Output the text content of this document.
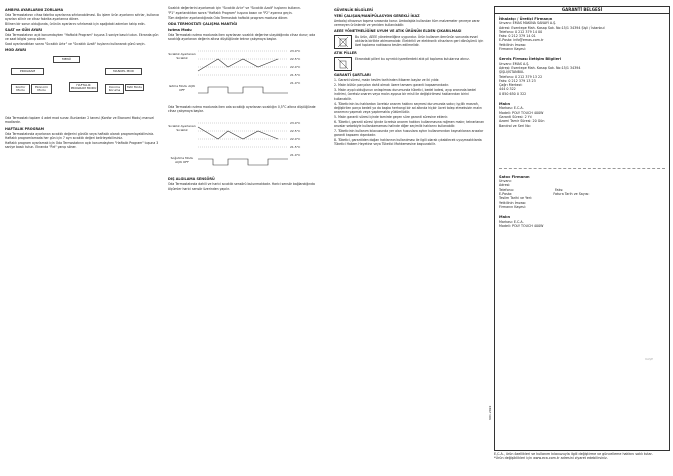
AMBIYA AYARLARINI ZORLAMA
Oda Termostatının cihaz fabrika ayarlarına sıfırlanabilmesi. Bu işlem ürün ayarlarını sıfırlar, kullanıcı ayarları silinir ve cihaz fabrika ayarlarına döner.
Bilinen bir sorun olduğunda, ürünün ayarlarını sıfırlamak için aşağıdaki adımları takip edin.
SAAT ve GÜN AYARI
Oda Termostatının açık konumdayken "Haftalık Program" tuşuna 3 saniye basılı tutun. Ekranda gün ve saat bilgisi yanıp söner.
Saat ayarlandıktan sonra "Sıcaklık Artır" ve "Sıcaklık Azalt" tuşlarını kullanarak günü seçin.
MOD AYARI
MENÜ
PROGRAM	MANUEL MOD
Konfor Modu
Ekonomi Modu
HAFTALIK PROGRAM MODU	Donma Koruma
Tatil Modu
Oda Termostatı toplam 4 adet mod sunar. Bunlardan 2 tanesi (Konfor ve Ekonomi Modu) manuel modlardır.
HAFTALIK PROGRAM
Oda Termostatında ayarlanan sıcaklık değerini günlük veya haftalık olarak programlayabilirsiniz. Haftalık programlamada her gün için 7 ayrı sıcaklık değeri belirleyebilirsiniz.
Haftalık program ayarlamak için Oda Termostatının açık konumdayken "Haftalık Program" tuşuna 3 saniye basılı tutun. Ekranda "Pzt" yanıp söner.
Sıcaklık değerlerini ayarlamak için "Sıcaklık Artır" ve "Sıcaklık Azalt" tuşlarını kullanın.
"P1" ayarlandıktan sonra "Haftalık Program" tuşuna basın ve "P2" ayarına geçin.
Tüm değerler ayarlandığında Oda Termostatı haftalık program moduna döner.
ODA TERMOSTATI ÇALIŞMA MANTIĞI
Isıtma Modu
Oda Termostatı ısıtma modunda iken ayarlanan sıcaklık değerine ulaşıldığında cihaz durur; oda sıcaklığı ayarlanan değerin altına düştüğünde tekrar çalışmaya başlar.
Sıcaklık Ayarlanan Sıcaklık
Isıtma Modu AÇIK OFF
23.0°C
22.5°C
22.0°C
21.5°C
21.0°C
Oda Termostatı ısıtma modunda iken oda sıcaklığı ayarlanan sıcaklığın 0,5°C altına düştüğünde cihaz çalışmaya başlar.
Sıcaklık Ayarlanan Sıcaklık
Soğutma Modu AÇIK OFF
23.0°C
22.5°C
22.0°C
21.5°C
21.0°C
DIŞ ALGILAMA SENSÖRÜ
Oda Termostatında dahili ve harici sıcaklık sensörü bulunmaktadır. Harici sensör bağlandığında ölçümler harici sensör üzerinden yapılır.
GÜVENLİK BİLGİLERİ
YERİ ÇALIŞAN/MANİPÜLASYON GEREKLİ İKAZ
Ambalaj cihazınızı taşıma sırasında korur. Ambalajda kullanılan tüm malzemeler çevreye zarar vermeyen ürünlerdir ve yeniden kullanılabilir.
AEEE YÖNETMELİĞİNE UYUM VE ATIK ÜRÜNÜN ELDEN ÇIKARILMASI
Bu ürün, AEEE yönetmeliğine uygundur. Ürün kullanım ömrünün sonunda evsel atıklarla birlikte atılmamalıdır. Elektrikli ve elektronik cihazların geri dönüşümü için özel toplama noktasına teslim edilmelidir.
ATIK PİLLER
Ekrandaki pilleri bu ayrıntılı işaretlerdeki atık pil toplama kutularına atınız.
GARANTİ ŞARTLARI
1- Garanti süresi, malın teslim tarihinden itibaren başlar ve iki yıldır.
2- Malın bütün parçaları dahil olmak üzere tamamı garanti kapsamındadır.
3- Malın ayıplı olduğunun anlaşılması durumunda tüketici, bedel iadesi, ayıp oranında bedel indirimi, ücretsiz onarım veya malın ayıpsız bir misli ile değiştirilmesi haklarından birini kullanabilir.
4- Tüketicinin bu haklardan ücretsiz onarım hakkını seçmesi durumunda satıcı; işçilik masrafı, değiştirilen parça bedeli ya da başka herhangi bir ad altında hiçbir ücret talep etmeksizin malın onarımını yapmak veya yaptırmakla yükümlüdür.
5- Malın garanti süresi içinde tamirde geçen süre garanti süresine eklenir.
6- Tüketici, garanti süresi içinde ücretsiz onarım hakkını kullanmasına rağmen malın; tekrarlanan arızalar sebebiyle kullanılamaması halinde diğer seçimlik haklarını kullanabilir.
7- Tüketicinin kullanım kılavuzunda yer alan hususlara aykırı kullanımından kaynaklanan arızalar garanti kapsamı dışındadır.
8- Tüketici, garantiden doğan haklarının kullanılması ile ilgili olarak çıkabilecek uyuşmazlıklarda Tüketici Hakem Heyetine veya Tüketici Mahkemesine başvurabilir.
GARANTİ BELGESİ
İthalatçı / Üretici Firmanın
Unvanı: EMAS MAKİNA SANAYİ A.Ş.
Adresi: Esentepe Mah. Kasap Sok. No:15/1 34394 Şişli / İstanbul
Telefonu: 0 212 379 14 00
Faks: 0 212 379 14 01
E-Posta: info@emas.com.tr
Yetkilinin İmzası:
Firmanın Kaşesi:
Servis Firması İletişim Bilgileri
Unvanı: EMAS A.Ş.
Adresi: Esentepe Mah. Kasap Sok. No:15/1 34394
ŞİŞLİ/İSTANBUL
Telefonu: 0 212 379 13 22
Faks: 0 212 379 13 23
Çağrı Merkezi:
444 0 322
0 850 650 0 322
Malın
Markası: E.C.A.
Modeli: POLY TOUCH 400W
Garanti Süresi: 2 Yıl
Azami Tamir Süresi: 20 Gün
Bandrol ve Seri No:
Satıcı Firmanın
Unvanı:
Adresi:
Telefonu:	Faks:
E-Posta:	Fatura Tarih ve Sayısı:
Teslim Tarihi ve Yeri:
Yetkilinin İmzası:
Firmanın Kaşesi:
Malın
Markası: E.C.A.
Modeli: POLY TOUCH 400W
KAŞE
V01.2022
E.C.A., ürün özellikleri ve kullanım kılavuzuyla ilgili değiştirme ve güncelleme hakkını saklı tutar.
*Ürün değişiklikleri için www.eca.com.tr adresini ziyaret edebilirsiniz.
